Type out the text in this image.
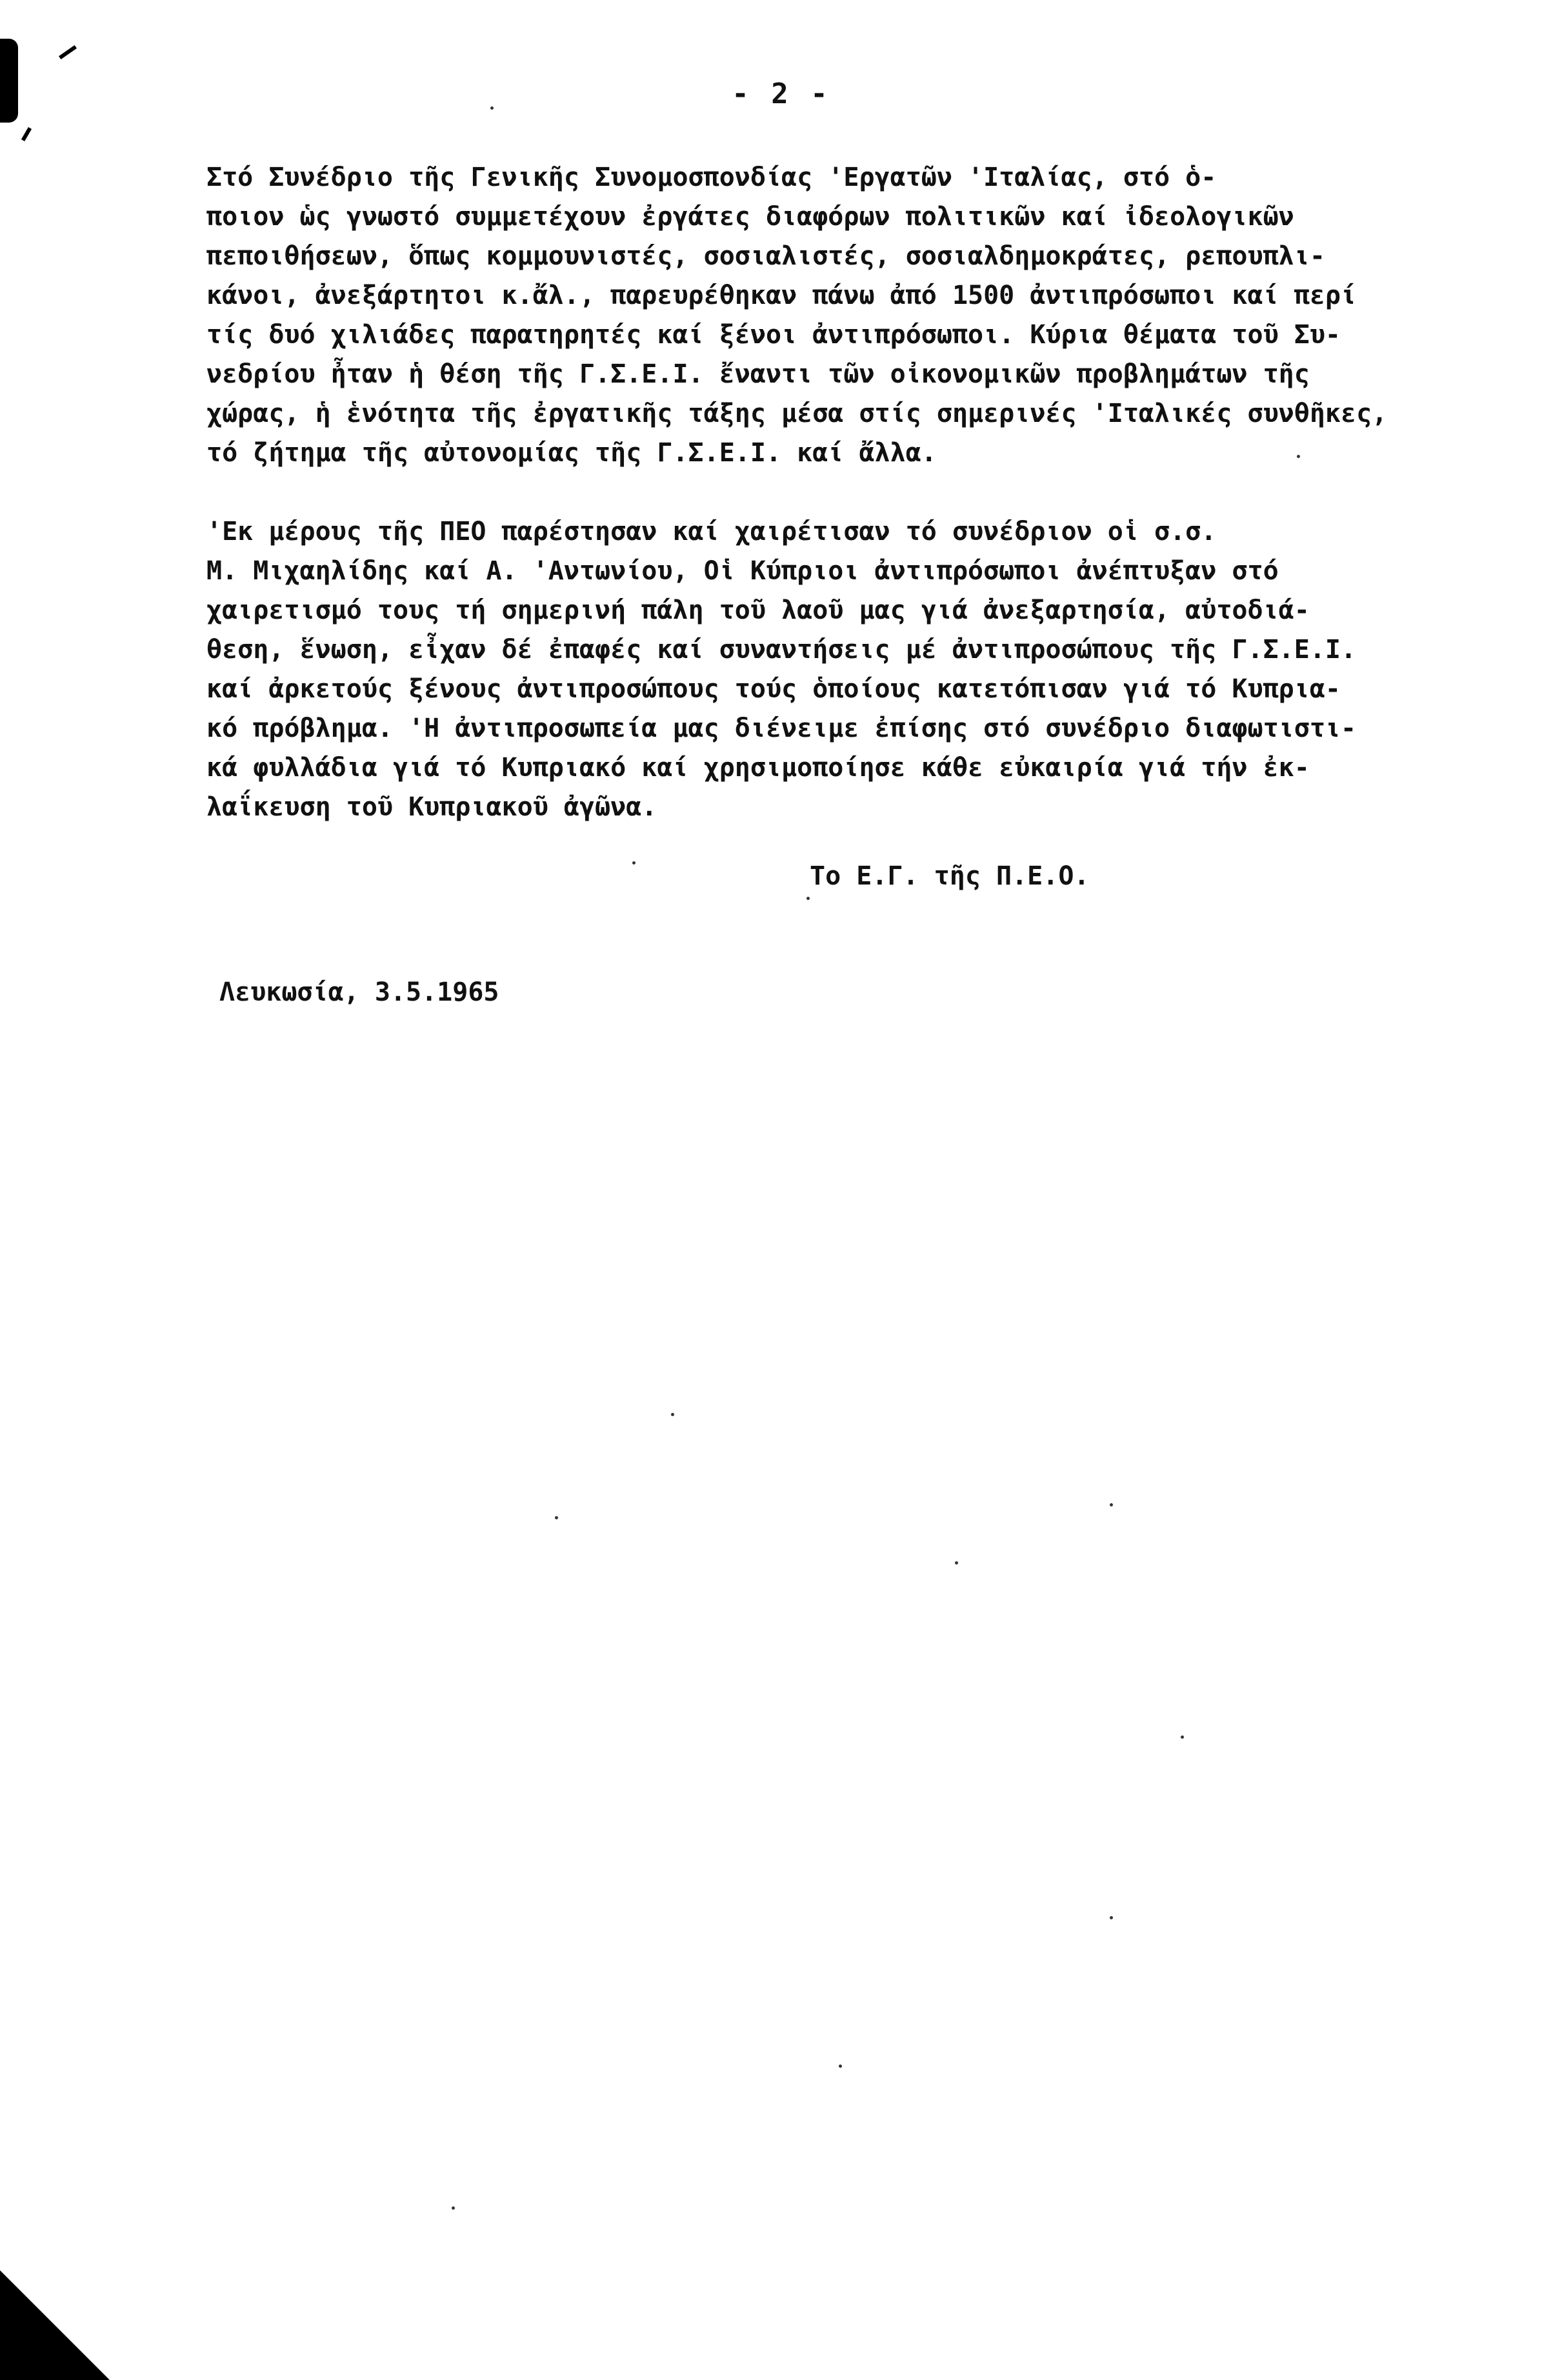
- 2 -
Στό Συνέδριο τῆς Γενικῆς Συνομοσπονδίας 'Εργατῶν 'Ιταλίας, στό ὁ-
ποιον ὡς γνωστό συμμετέχουν ἐργάτες διαφόρων πολιτικῶν καί ἰδεολογικῶν
πεποιθήσεων, ὅπως κομμουνιστές, σοσιαλιστές, σοσιαλδημοκράτες, ρεπουπλι-
κάνοι, ἀνεξάρτητοι κ.ἄλ., παρευρέθηκαν πάνω ἀπό 1500 ἀντιπρόσωποι καί περί
τίς δυό χιλιάδες παρατηρητές καί ξένοι ἀντιπρόσωποι. Κύρια θέματα τοῦ Συ-
νεδρίου ἦταν ἡ θέση τῆς Γ.Σ.Ε.Ι. ἔναντι τῶν οἰκονομικῶν προβλημάτων τῆς
χώρας, ἡ ἑνότητα τῆς ἐργατικῆς τάξης μέσα στίς σημερινές 'Ιταλικές συνθῆκες,
τό ζήτημα τῆς αὐτονομίας τῆς Γ.Σ.Ε.Ι. καί ἄλλα.
'Εκ μέρους τῆς ΠΕΟ παρέστησαν καί χαιρέτισαν τό συνέδριον οἱ σ.σ.
Μ. Μιχαηλίδης καί Α. 'Αντωνίου, Οἱ Κύπριοι ἀντιπρόσωποι ἀνέπτυξαν στό
χαιρετισμό τους τή σημερινή πάλη τοῦ λαοῦ μας γιά ἀνεξαρτησία, αὐτοδιά-
θεση, ἕνωση, εἶχαν δέ ἐπαφές καί συναντήσεις μέ ἀντιπροσώπους τῆς Γ.Σ.Ε.Ι.
καί ἀρκετούς ξένους ἀντιπροσώπους τούς ὁποίους κατετόπισαν γιά τό Κυπρια-
κό πρόβλημα. 'Η ἀντιπροσωπεία μας διένειμε ἐπίσης στό συνέδριο διαφωτιστι-
κά φυλλάδια γιά τό Κυπριακό καί χρησιμοποίησε κάθε εὐκαιρία γιά τήν ἐκ-
λαΐκευση τοῦ Κυπριακοῦ ἀγῶνα.
Το Ε.Γ. τῆς Π.Ε.Ο.
Λευκωσία, 3.5.1965
